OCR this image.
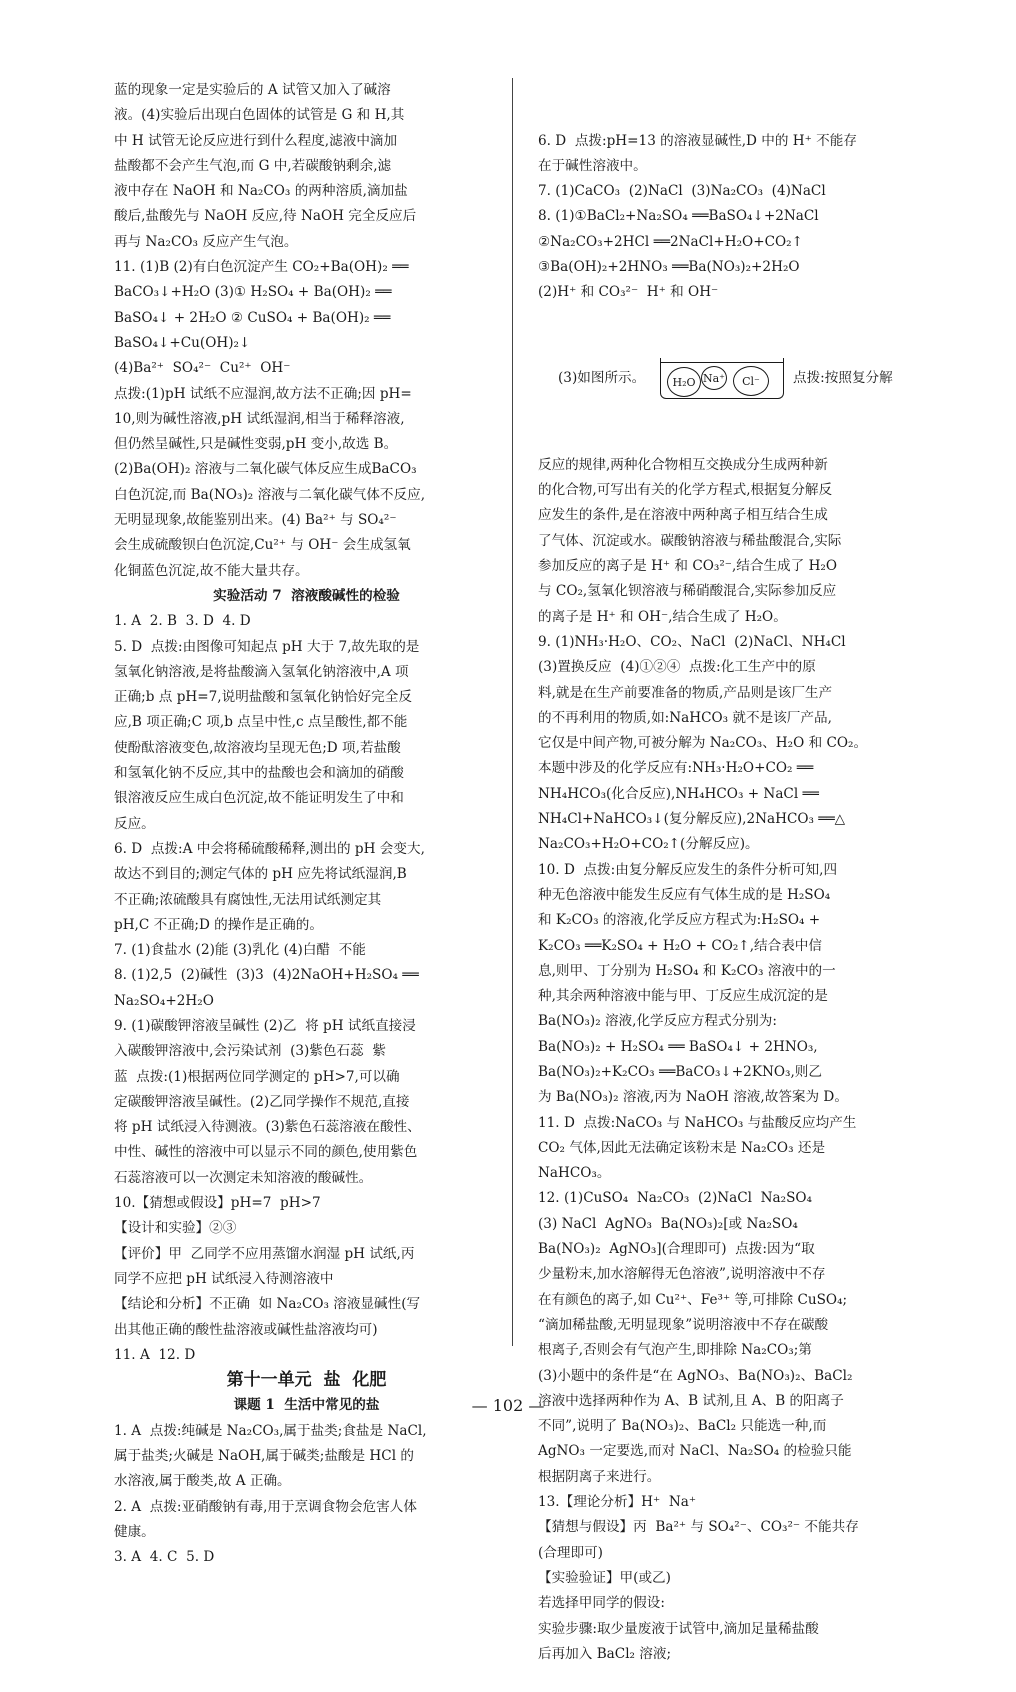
蓝的现象一定是实验后的 A 试管又加入了碱溶
液。(4)实验后出现白色固体的试管是 G 和 H,其
中 H 试管无论反应进行到什么程度,滤液中滴加
盐酸都不会产生气泡,而 G 中,若碳酸钠剩余,滤
液中存在 NaOH 和 Na₂CO₃ 的两种溶质,滴加盐
酸后,盐酸先与 NaOH 反应,待 NaOH 完全反应后
再与 Na₂CO₃ 反应产生气泡。
11. (1)B (2)有白色沉淀产生 CO₂+Ba(OH)₂ ══
BaCO₃↓+H₂O (3)① H₂SO₄ + Ba(OH)₂ ══
BaSO₄↓ + 2H₂O ② CuSO₄ + Ba(OH)₂ ══
BaSO₄↓+Cu(OH)₂↓
(4)Ba²⁺  SO₄²⁻  Cu²⁺  OH⁻
点拨:(1)pH 试纸不应湿润,故方法不正确;因 pH=
10,则为碱性溶液,pH 试纸湿润,相当于稀释溶液,
但仍然呈碱性,只是碱性变弱,pH 变小,故选 B。
(2)Ba(OH)₂ 溶液与二氧化碳气体反应生成BaCO₃
白色沉淀,而 Ba(NO₃)₂ 溶液与二氧化碳气体不反应,
无明显现象,故能鉴别出来。(4) Ba²⁺ 与 SO₄²⁻
会生成硫酸钡白色沉淀,Cu²⁺ 与 OH⁻ 会生成氢氧
化铜蓝色沉淀,故不能大量共存。
实验活动 7  溶液酸碱性的检验
1. A  2. B  3. D  4. D
5. D  点拨:由图像可知起点 pH 大于 7,故先取的是
氢氧化钠溶液,是将盐酸滴入氢氧化钠溶液中,A 项
正确;b 点 pH=7,说明盐酸和氢氧化钠恰好完全反
应,B 项正确;C 项,b 点呈中性,c 点呈酸性,都不能
使酚酞溶液变色,故溶液均呈现无色;D 项,若盐酸
和氢氧化钠不反应,其中的盐酸也会和滴加的硝酸
银溶液反应生成白色沉淀,故不能证明发生了中和
反应。
6. D  点拨:A 中会将稀硫酸稀释,测出的 pH 会变大,
故达不到目的;测定气体的 pH 应先将试纸湿润,B
不正确;浓硫酸具有腐蚀性,无法用试纸测定其
pH,C 不正确;D 的操作是正确的。
7. (1)食盐水 (2)能 (3)乳化 (4)白醋  不能
8. (1)2,5  (2)碱性  (3)3  (4)2NaOH+H₂SO₄ ══
Na₂SO₄+2H₂O
9. (1)碳酸钾溶液呈碱性 (2)乙  将 pH 试纸直接浸
入碳酸钾溶液中,会污染试剂  (3)紫色石蕊  紫
蓝  点拨:(1)根据两位同学测定的 pH>7,可以确
定碳酸钾溶液呈碱性。(2)乙同学操作不规范,直接
将 pH 试纸浸入待测液。(3)紫色石蕊溶液在酸性、
中性、碱性的溶液中可以显示不同的颜色,使用紫色
石蕊溶液可以一次测定未知溶液的酸碱性。
10.【猜想或假设】pH=7  pH>7
【设计和实验】②③
【评价】甲  乙同学不应用蒸馏水润湿 pH 试纸,丙
同学不应把 pH 试纸浸入待测溶液中
【结论和分析】不正确  如 Na₂CO₃ 溶液显碱性(写
出其他正确的酸性盐溶液或碱性盐溶液均可)
11. A  12. D
第十一单元  盐  化肥
课题 1  生活中常见的盐
1. A  点拨:纯碱是 Na₂CO₃,属于盐类;食盐是 NaCl,
属于盐类;火碱是 NaOH,属于碱类;盐酸是 HCl 的
水溶液,属于酸类,故 A 正确。
2. A  点拨:亚硝酸钠有毒,用于烹调食物会危害人体
健康。
3. A  4. C  5. D

6. D  点拨:pH=13 的溶液显碱性,D 中的 H⁺ 不能存
在于碱性溶液中。
7. (1)CaCO₃  (2)NaCl  (3)Na₂CO₃  (4)NaCl
8. (1)①BaCl₂+Na₂SO₄ ══BaSO₄↓+2NaCl
②Na₂CO₃+2HCl ══2NaCl+H₂O+CO₂↑
③Ba(OH)₂+2HNO₃ ══Ba(NO₃)₂+2H₂O
(2)H⁺ 和 CO₃²⁻  H⁺ 和 OH⁻

(3)如图所示。

	H₂O

Na⁺

	Cl⁻

	点拨:按照复分解

反应的规律,两种化合物相互交换成分生成两种新
的化合物,可写出有关的化学方程式,根据复分解反
应发生的条件,是在溶液中两种离子相互结合生成
了气体、沉淀或水。碳酸钠溶液与稀盐酸混合,实际
参加反应的离子是 H⁺ 和 CO₃²⁻,结合生成了 H₂O
与 CO₂,氢氧化钡溶液与稀硝酸混合,实际参加反应
的离子是 H⁺ 和 OH⁻,结合生成了 H₂O。
9. (1)NH₃·H₂O、CO₂、NaCl  (2)NaCl、NH₄Cl
(3)置换反应  (4)①②④  点拨:化工生产中的原
料,就是在生产前要准备的物质,产品则是该厂生产
的不再利用的物质,如:NaHCO₃ 就不是该厂产品,
它仅是中间产物,可被分解为 Na₂CO₃、H₂O 和 CO₂。
本题中涉及的化学反应有:NH₃·H₂O+CO₂ ══
NH₄HCO₃(化合反应),NH₄HCO₃ + NaCl ══
NH₄Cl+NaHCO₃↓(复分解反应),2NaHCO₃ ══△
Na₂CO₃+H₂O+CO₂↑(分解反应)。
10. D  点拨:由复分解反应发生的条件分析可知,四
种无色溶液中能发生反应有气体生成的是 H₂SO₄
和 K₂CO₃ 的溶液,化学反应方程式为:H₂SO₄ +
K₂CO₃ ══K₂SO₄ + H₂O + CO₂↑,结合表中信
息,则甲、丁分别为 H₂SO₄ 和 K₂CO₃ 溶液中的一
种,其余两种溶液中能与甲、丁反应生成沉淀的是
Ba(NO₃)₂ 溶液,化学反应方程式分别为:
Ba(NO₃)₂ + H₂SO₄ ══ BaSO₄↓ + 2HNO₃,
Ba(NO₃)₂+K₂CO₃ ══BaCO₃↓+2KNO₃,则乙
为 Ba(NO₃)₂ 溶液,丙为 NaOH 溶液,故答案为 D。
11. D  点拨:NaCO₃ 与 NaHCO₃ 与盐酸反应均产生
CO₂ 气体,因此无法确定该粉末是 Na₂CO₃ 还是
NaHCO₃。
12. (1)CuSO₄  Na₂CO₃  (2)NaCl  Na₂SO₄
(3) NaCl  AgNO₃  Ba(NO₃)₂[或 Na₂SO₄
Ba(NO₃)₂  AgNO₃](合理即可)  点拨:因为“取
少量粉末,加水溶解得无色溶液”,说明溶液中不存
在有颜色的离子,如 Cu²⁺、Fe³⁺ 等,可排除 CuSO₄;
“滴加稀盐酸,无明显现象”说明溶液中不存在碳酸
根离子,否则会有气泡产生,即排除 Na₂CO₃;第
(3)小题中的条件是“在 AgNO₃、Ba(NO₃)₂、BaCl₂
溶液中选择两种作为 A、B 试剂,且 A、B 的阳离子
不同”,说明了 Ba(NO₃)₂、BaCl₂ 只能选一种,而
AgNO₃ 一定要选,而对 NaCl、Na₂SO₄ 的检验只能
根据阴离子来进行。
13.【理论分析】H⁺  Na⁺
【猜想与假设】丙  Ba²⁺ 与 SO₄²⁻、CO₃²⁻ 不能共存
(合理即可)
【实验验证】甲(或乙)
若选择甲同学的假设:
实验步骤:取少量废液于试管中,滴加足量稀盐酸
后再加入 BaCl₂ 溶液;

— 102 —
